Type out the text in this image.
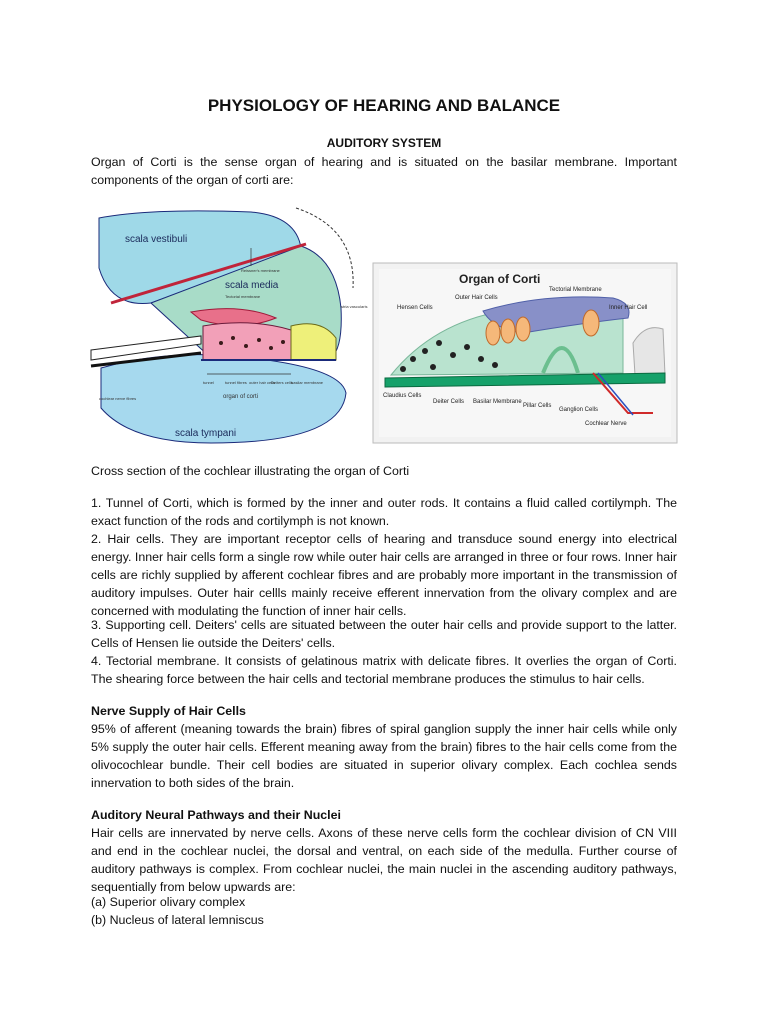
PHYSIOLOGY OF HEARING AND BALANCE
AUDITORY SYSTEM

Organ of Corti is the sense organ of hearing and is situated on the basilar membrane. Important components of the organ of corti are:

scala vestibuli
scala media
scala tympani
Reissner's membrane
Tectorial membrane
stria vascularis
tunnel	tunnel fibres outer hair cells
Deiters cells
basilar membrane
cochlear nerve fibres	organ of corti
Organ of Corti
Tectorial Membrane
Outer Hair Cells
Inner Hair Cell
Hensen Cells
Claudius Cells
Deiter Cells Basilar Membrane
Pillar Cells
Ganglion Cells
Cochlear Nerve
Cross section of the cochlear illustrating the organ of Corti

1. Tunnel of Corti, which is formed by the inner and outer rods. It contains a fluid called cortilymph. The exact function of the rods and cortilymph is not known.

2. Hair cells. They are important receptor cells of hearing and transduce sound energy into electrical energy. Inner hair cells form a single row while outer hair cells are arranged in three or four rows. Inner hair cells are richly supplied by afferent cochlear fibres and are probably more important in the transmission of auditory impulses. Outer hair cellls mainly receive efferent innervation from the olivary complex and are concerned with modulating the function of inner hair cells.

3. Supporting cell. Deiters' cells are situated between the outer hair cells and provide support to the latter. Cells of Hensen lie outside the Deiters' cells.

4. Tectorial membrane. It consists of gelatinous matrix with delicate fibres. It overlies the organ of Corti. The shearing force between the hair cells and tectorial membrane produces the stimulus to hair cells.

Nerve Supply of Hair Cells

95% of afferent (meaning towards the brain) fibres of spiral ganglion supply the inner hair cells while only 5% supply the outer hair cells. Efferent meaning away from the brain) fibres to the hair cells come from the olivocochlear bundle. Their cell bodies are situated in superior olivary complex. Each cochlea sends innervation to both sides of the brain.

Auditory Neural Pathways and their Nuclei

Hair cells are innervated by nerve cells. Axons of these nerve cells form the cochlear division of CN VIII and end in the cochlear nuclei, the dorsal and ventral, on each side of the medulla. Further course of auditory pathways is complex. From cochlear nuclei, the main nuclei in the ascending auditory pathways, sequentially from below upwards are:

(a) Superior olivary complex
(b) Nucleus of lateral lemniscus
